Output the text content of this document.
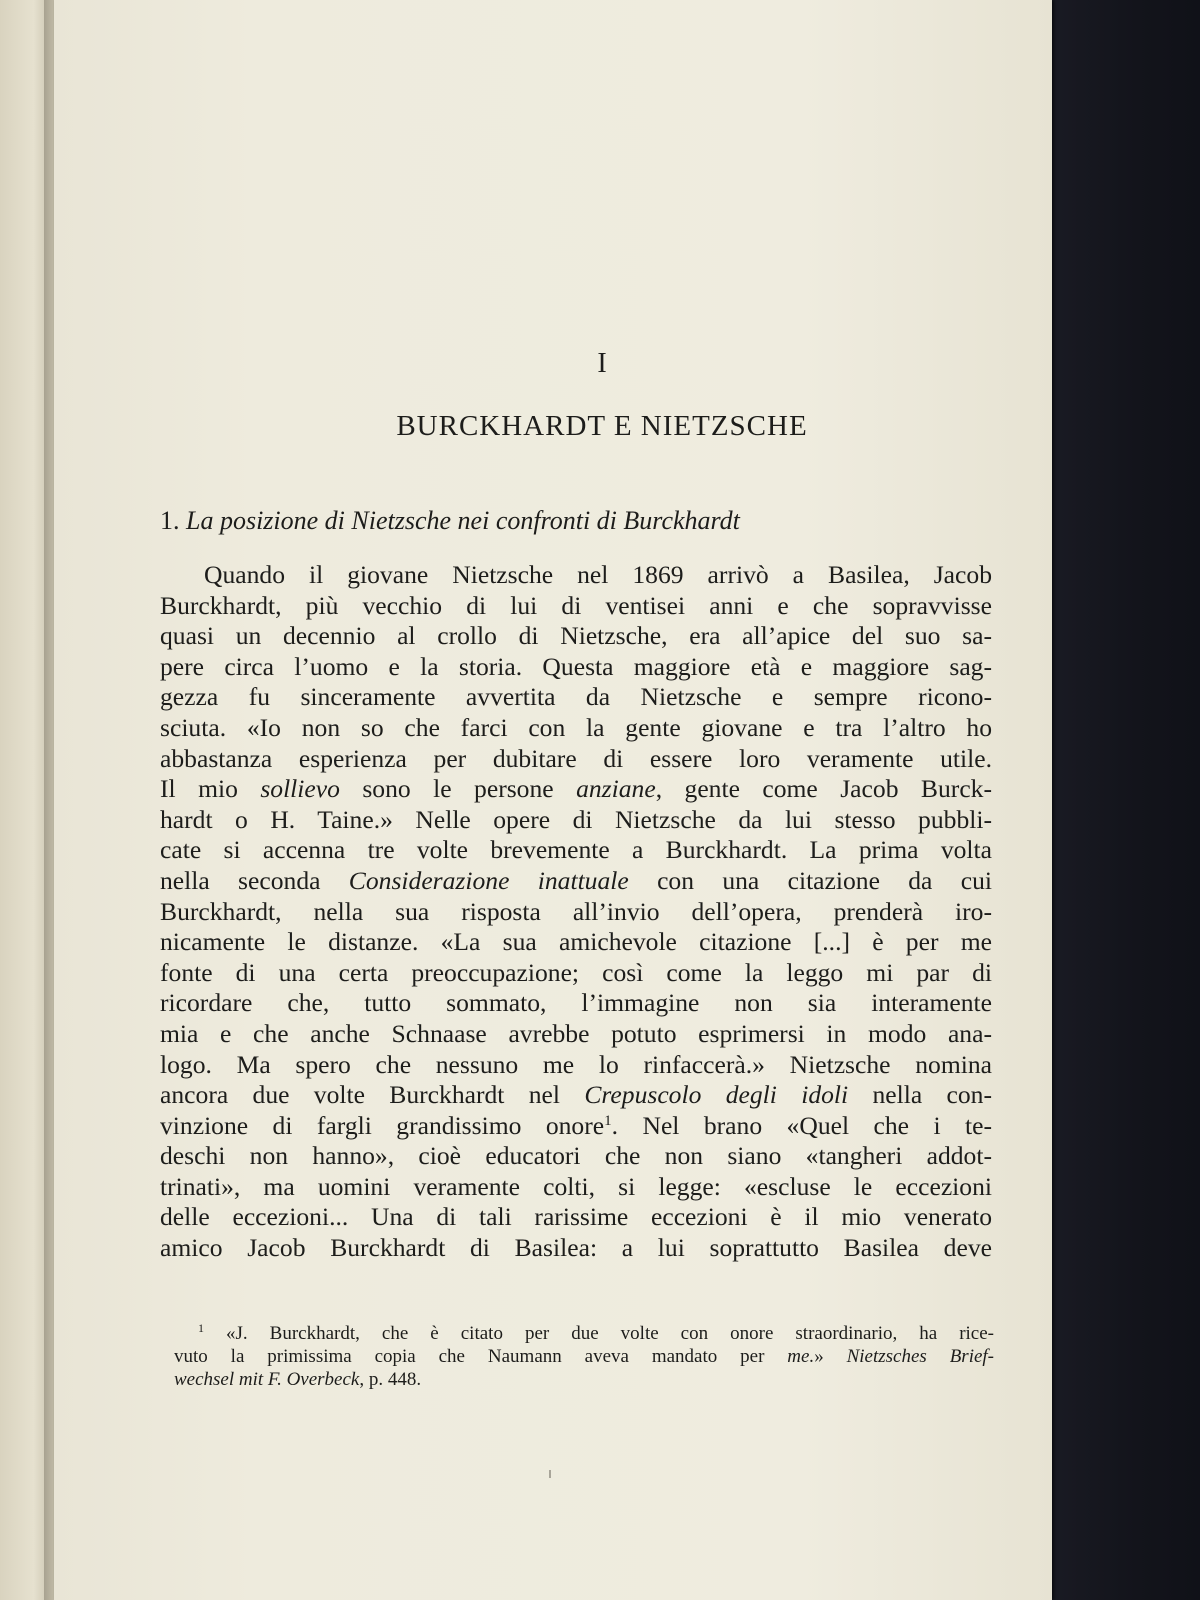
I
BURCKHARDT E NIETZSCHE
1. La posizione di Nietzsche nei confronti di Burckhardt
Quando il giovane Nietzsche nel 1869 arrivò a Basilea, Jacob
Burckhardt, più vecchio di lui di ventisei anni e che sopravvisse
quasi un decennio al crollo di Nietzsche, era all’apice del suo sa-
pere circa l’uomo e la storia. Questa maggiore età e maggiore sag-
gezza fu sinceramente avvertita da Nietzsche e sempre ricono-
sciuta. «Io non so che farci con la gente giovane e tra l’altro ho
abbastanza esperienza per dubitare di essere loro veramente utile.
Il mio sollievo sono le persone anziane, gente come Jacob Burck-
hardt o H. Taine.» Nelle opere di Nietzsche da lui stesso pubbli-
cate si accenna tre volte brevemente a Burckhardt. La prima volta
nella seconda Considerazione inattuale con una citazione da cui
Burckhardt, nella sua risposta all’invio dell’opera, prenderà iro-
nicamente le distanze. «La sua amichevole citazione [...] è per me
fonte di una certa preoccupazione; così come la leggo mi par di
ricordare che, tutto sommato, l’immagine non sia interamente
mia e che anche Schnaase avrebbe potuto esprimersi in modo ana-
logo. Ma spero che nessuno me lo rinfaccerà.» Nietzsche nomina
ancora due volte Burckhardt nel Crepuscolo degli idoli nella con-
vinzione di fargli grandissimo onore$^1$. Nel brano «Quel che i te-
deschi non hanno», cioè educatori che non siano «tangheri addot-
trinati», ma uomini veramente colti, si legge: «escluse le eccezioni
delle eccezioni... Una di tali rarissime eccezioni è il mio venerato
amico Jacob Burckhardt di Basilea: a lui soprattutto Basilea deve
$^1$ «J. Burckhardt, che è citato per due volte con onore straordinario, ha rice-
vuto la primissima copia che Naumann aveva mandato per me.» Nietzsches Brief-
wechsel mit F. Overbeck, p. 448.
